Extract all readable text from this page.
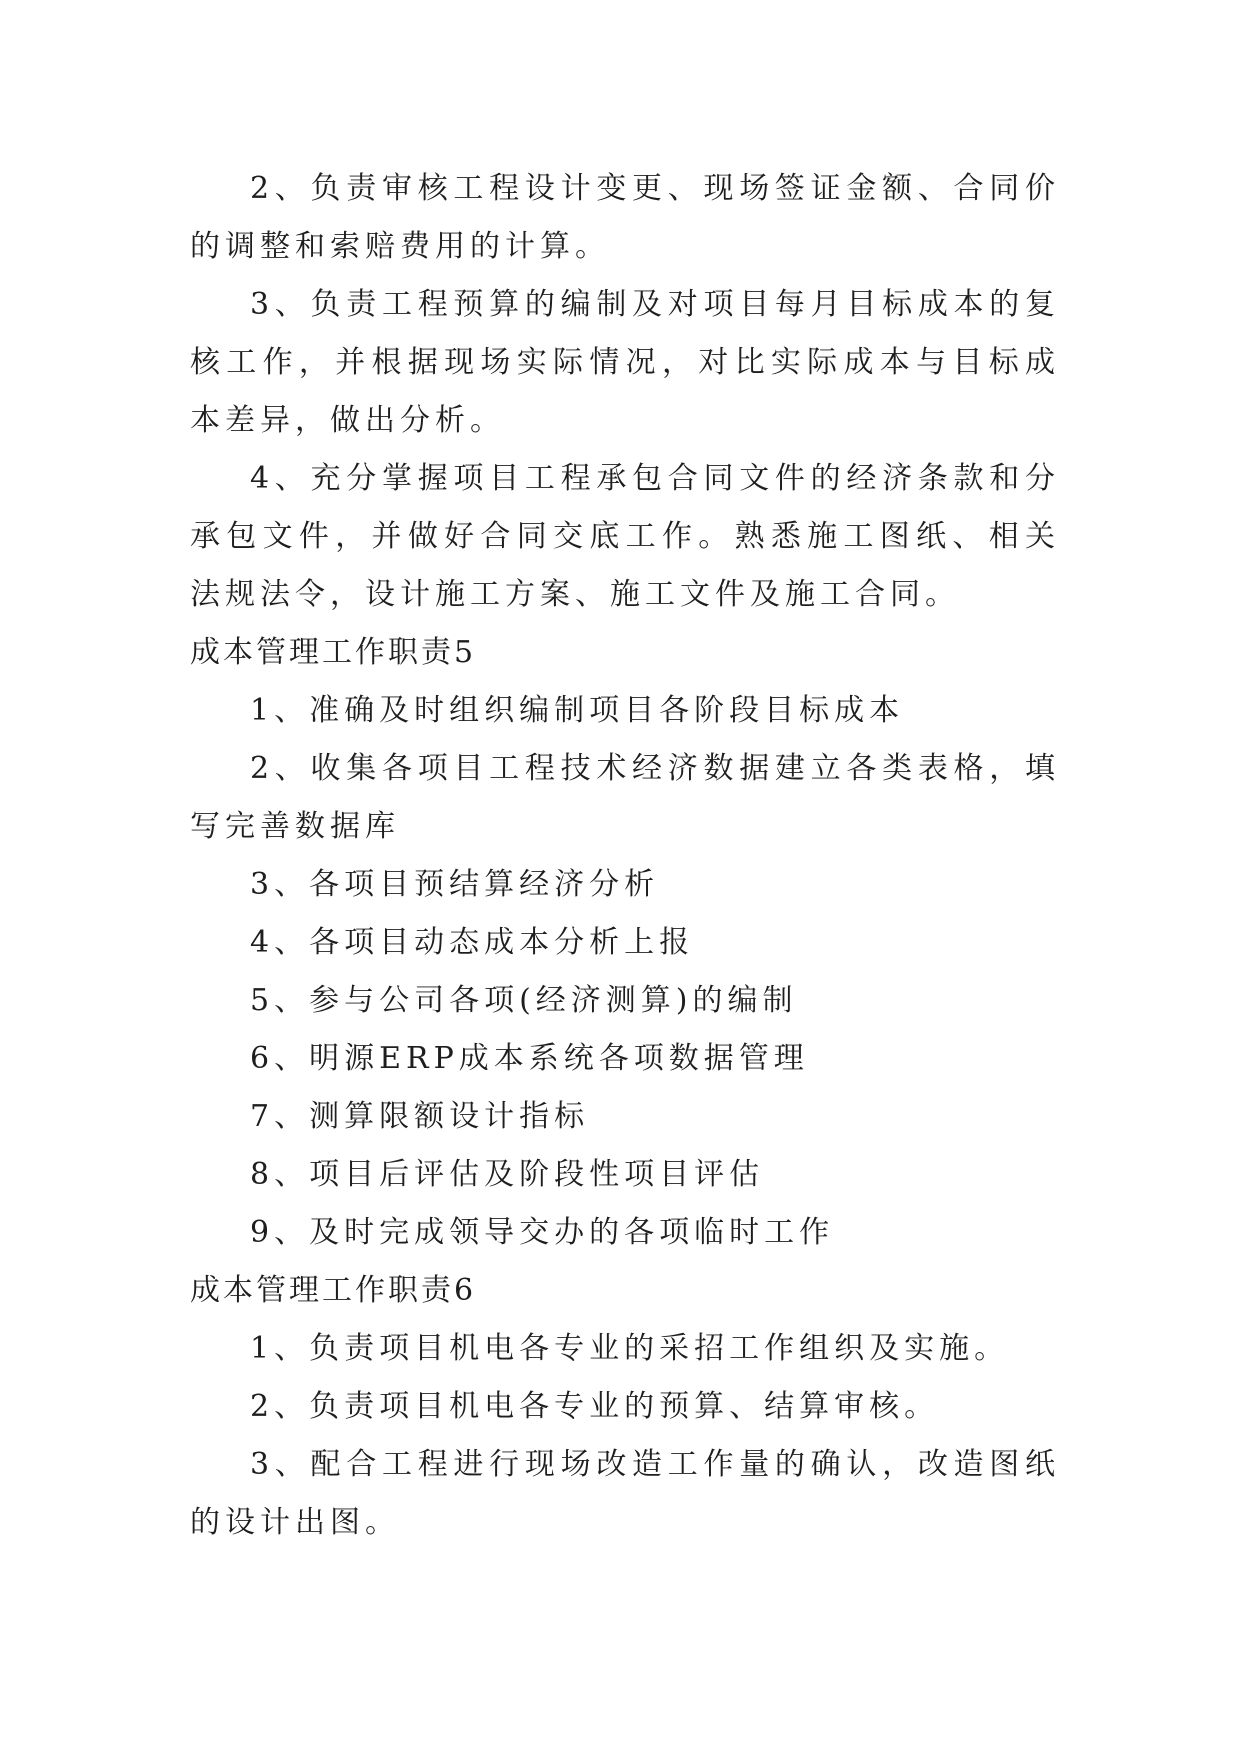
2、负责审核工程设计变更、现场签证金额、合同价的调整和索赔费用的计算。

3、负责工程预算的编制及对项目每月目标成本的复核工作，并根据现场实际情况，对比实际成本与目标成本差异，做出分析。

4、充分掌握项目工程承包合同文件的经济条款和分承包文件，并做好合同交底工作。熟悉施工图纸、相关法规法令，设计施工方案、施工文件及施工合同。

成本管理工作职责5

1、准确及时组织编制项目各阶段目标成本

2、收集各项目工程技术经济数据建立各类表格，填写完善数据库

3、各项目预结算经济分析

4、各项目动态成本分析上报

5、参与公司各项(经济测算)的编制

6、明源ERP成本系统各项数据管理

7、测算限额设计指标

8、项目后评估及阶段性项目评估

9、及时完成领导交办的各项临时工作

成本管理工作职责6

1、负责项目机电各专业的采招工作组织及实施。

2、负责项目机电各专业的预算、结算审核。

3、配合工程进行现场改造工作量的确认，改造图纸的设计出图。
